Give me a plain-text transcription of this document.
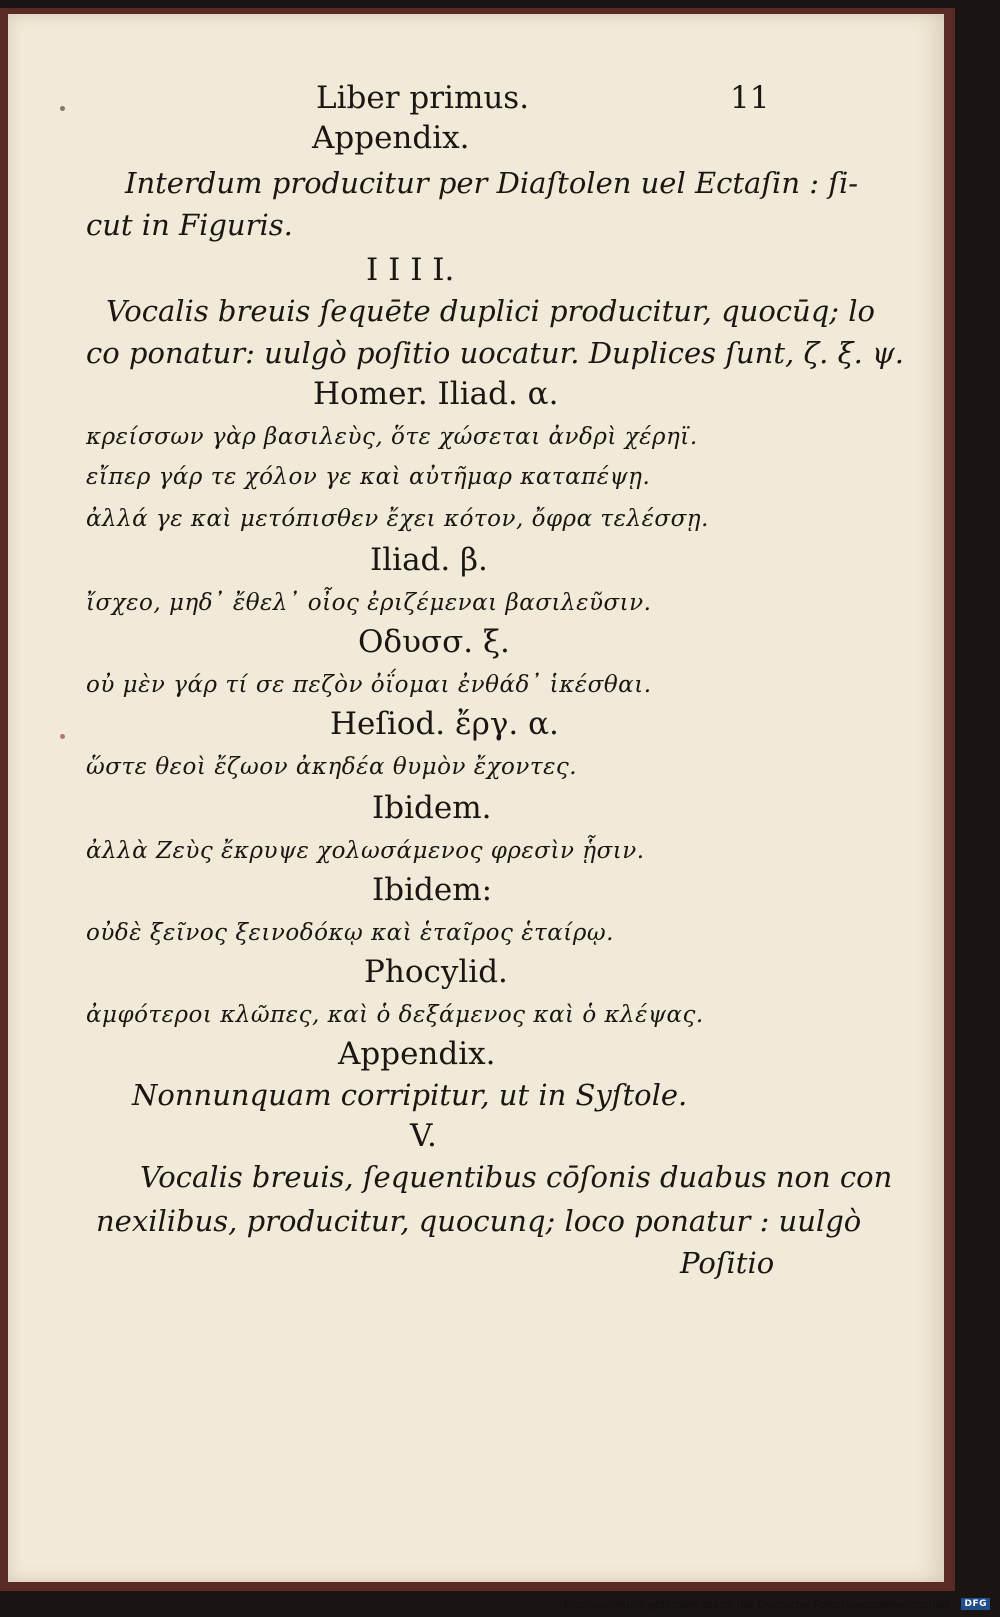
Liber primus.	11
Appendix.
Interdum producitur per Diaſtolen uel Ectaſin : ſi-
cut in Figuris.
I I I I.
Vocalis breuis ſequēte duplici producitur, quocūq; lo
co ponatur: uulgò poſitio uocatur. Duplices ſunt, ζ. ξ. ψ.
Homer. Iliad. α.
κρείσσων γὰρ βασιλεὺς, ὅτε χώσεται ἀνδρὶ χέρηϊ.
εἴπερ γάρ τε χόλον γε καὶ αὐτῆμαρ καταπέψῃ.
ἀλλά γε καὶ μετόπισθεν ἔχει κότον, ὄφρα τελέσσῃ.
Iliad. β.
ἴσχεο, μηδ᾽ ἔθελ᾽ οἶος ἐριζέμεναι βασιλεῦσιν.
Οδυσσ. ξ.
οὐ μὲν γάρ τί σε πεζὸν ὀΐομαι ἐνθάδ᾽ ἱκέσθαι.
Heſiod. ἔργ. α.
ὥστε θεοὶ ἔζωον ἀκηδέα θυμὸν ἔχοντες.
Ibidem.
ἀλλὰ Ζεὺς ἔκρυψε χολωσάμενος φρεσὶν ᾗσιν.
Ibidem:
οὐδὲ ξεῖνος ξεινοδόκῳ καὶ ἑταῖρος ἑταίρῳ.
Phocylid.
ἀμφότεροι κλῶπες, καὶ ὁ δεξάμενος καὶ ὁ κλέψας.
Appendix.
Nonnunquam corripitur, ut in Syſtole.
V.
Vocalis breuis, ſequentibus cōſonis duabus non con
nexilibus, producitur, quocunq; loco ponatur : uulgò
Poſitio
Digitalisierung gefördert durch die Deutsche Forschungsgemeinschaft - DFG
